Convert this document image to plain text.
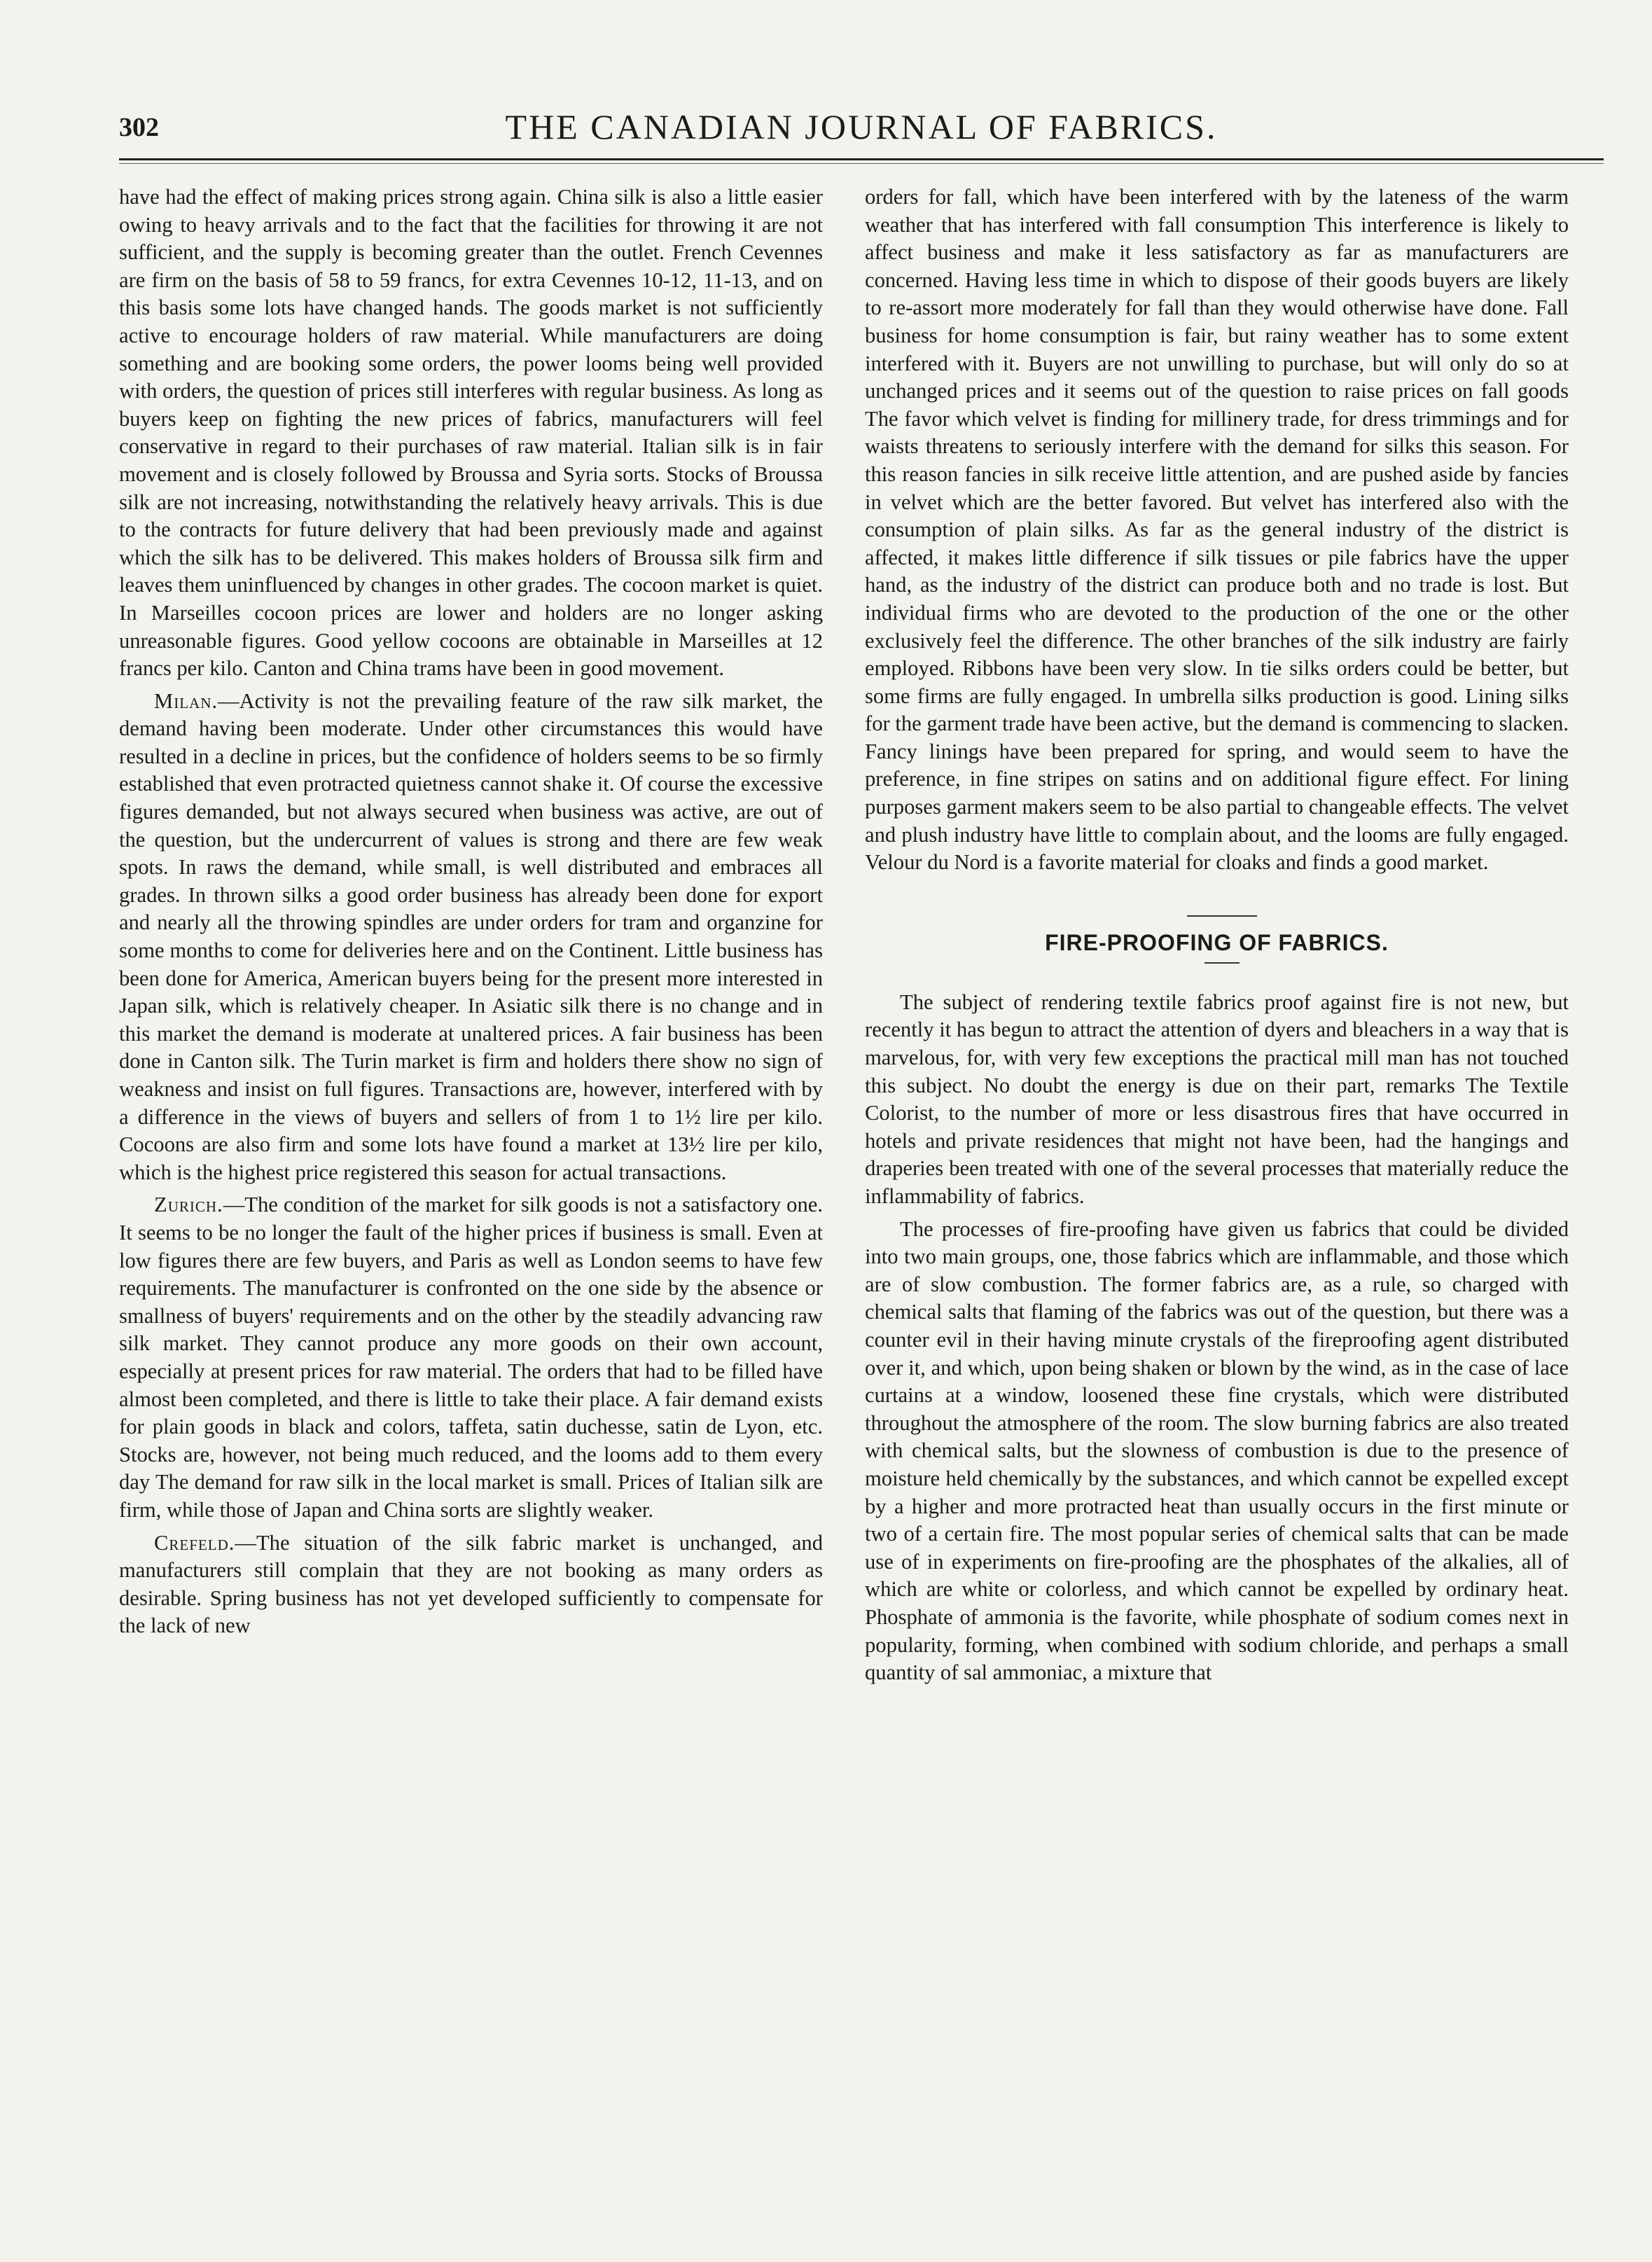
302	THE CANADIAN JOURNAL OF FABRICS.

have had the effect of making prices strong again. China silk is also a little easier owing to heavy arrivals and to the fact that the facilities for throwing it are not sufficient, and the supply is becoming greater than the outlet. French Cevennes are firm on the basis of 58 to 59 francs, for extra Cevennes 10-12, 11-13, and on this basis some lots have changed hands. The goods market is not sufficiently active to encourage holders of raw material. While manufacturers are doing something and are booking some orders, the power looms being well provided with orders, the question of prices still interferes with regular business. As long as buyers keep on fighting the new prices of fabrics, manufacturers will feel conservative in regard to their purchases of raw material. Italian silk is in fair movement and is closely followed by Broussa and Syria sorts. Stocks of Broussa silk are not increasing, notwithstanding the relatively heavy arrivals. This is due to the contracts for future delivery that had been previously made and against which the silk has to be delivered. This makes holders of Broussa silk firm and leaves them uninfluenced by changes in other grades. The cocoon market is quiet. In Marseilles cocoon prices are lower and holders are no longer asking unreasonable figures. Good yellow cocoons are obtainable in Marseilles at 12 francs per kilo. Canton and China trams have been in good movement.

Milan.—Activity is not the prevailing feature of the raw silk market, the demand having been moderate. Under other circumstances this would have resulted in a decline in prices, but the confidence of holders seems to be so firmly established that even protracted quietness cannot shake it. Of course the excessive figures demanded, but not always secured when business was active, are out of the question, but the undercurrent of values is strong and there are few weak spots. In raws the demand, while small, is well distributed and embraces all grades. In thrown silks a good order business has already been done for export and nearly all the throwing spindles are under orders for tram and organzine for some months to come for deliveries here and on the Continent. Little business has been done for America, American buyers being for the present more interested in Japan silk, which is relatively cheaper. In Asiatic silk there is no change and in this market the demand is moderate at unaltered prices. A fair business has been done in Canton silk. The Turin market is firm and holders there show no sign of weakness and insist on full figures. Transactions are, however, interfered with by a difference in the views of buyers and sellers of from 1 to 1½ lire per kilo. Cocoons are also firm and some lots have found a market at 13½ lire per kilo, which is the highest price registered this season for actual transactions.

Zurich.—The condition of the market for silk goods is not a satisfactory one. It seems to be no longer the fault of the higher prices if business is small. Even at low figures there are few buyers, and Paris as well as London seems to have few requirements. The manufacturer is confronted on the one side by the absence or smallness of buyers' requirements and on the other by the steadily advancing raw silk market. They cannot produce any more goods on their own account, especially at present prices for raw material. The orders that had to be filled have almost been completed, and there is little to take their place. A fair demand exists for plain goods in black and colors, taffeta, satin duchesse, satin de Lyon, etc. Stocks are, however, not being much reduced, and the looms add to them every day The demand for raw silk in the local market is small. Prices of Italian silk are firm, while those of Japan and China sorts are slightly weaker.

Crefeld.—The situation of the silk fabric market is unchanged, and manufacturers still complain that they are not booking as many orders as desirable. Spring business has not yet developed sufficiently to compensate for the lack of new

orders for fall, which have been interfered with by the lateness of the warm weather that has interfered with fall consumption This interference is likely to affect business and make it less satisfactory as far as manufacturers are concerned. Having less time in which to dispose of their goods buyers are likely to re-assort more moderately for fall than they would otherwise have done. Fall business for home consumption is fair, but rainy weather has to some extent interfered with it. Buyers are not unwilling to purchase, but will only do so at unchanged prices and it seems out of the question to raise prices on fall goods The favor which velvet is finding for millinery trade, for dress trimmings and for waists threatens to seriously interfere with the demand for silks this season. For this reason fancies in silk receive little attention, and are pushed aside by fancies in velvet which are the better favored. But velvet has interfered also with the consumption of plain silks. As far as the general industry of the district is affected, it makes little difference if silk tissues or pile fabrics have the upper hand, as the industry of the district can produce both and no trade is lost. But individual firms who are devoted to the production of the one or the other exclusively feel the difference. The other branches of the silk industry are fairly employed. Ribbons have been very slow. In tie silks orders could be better, but some firms are fully engaged. In umbrella silks production is good. Lining silks for the garment trade have been active, but the demand is commencing to slacken. Fancy linings have been prepared for spring, and would seem to have the preference, in fine stripes on satins and on additional figure effect. For lining purposes garment makers seem to be also partial to changeable effects. The velvet and plush industry have little to complain about, and the looms are fully engaged. Velour du Nord is a favorite material for cloaks and finds a good market.

FIRE-PROOFING OF FABRICS.

The subject of rendering textile fabrics proof against fire is not new, but recently it has begun to attract the attention of dyers and bleachers in a way that is marvelous, for, with very few exceptions the practical mill man has not touched this subject. No doubt the energy is due on their part, remarks The Textile Colorist, to the number of more or less disastrous fires that have occurred in hotels and private residences that might not have been, had the hangings and draperies been treated with one of the several processes that materially reduce the inflammability of fabrics.

The processes of fire-proofing have given us fabrics that could be divided into two main groups, one, those fabrics which are inflammable, and those which are of slow combustion. The former fabrics are, as a rule, so charged with chemical salts that flaming of the fabrics was out of the question, but there was a counter evil in their having minute crystals of the fireproofing agent distributed over it, and which, upon being shaken or blown by the wind, as in the case of lace curtains at a window, loosened these fine crystals, which were distributed throughout the atmosphere of the room. The slow burning fabrics are also treated with chemical salts, but the slowness of combustion is due to the presence of moisture held chemically by the substances, and which cannot be expelled except by a higher and more protracted heat than usually occurs in the first minute or two of a certain fire. The most popular series of chemical salts that can be made use of in experiments on fire-proofing are the phosphates of the alkalies, all of which are white or colorless, and which cannot be expelled by ordinary heat. Phosphate of ammonia is the favorite, while phosphate of sodium comes next in popularity, forming, when combined with sodium chloride, and perhaps a small quantity of sal ammoniac, a mixture that
